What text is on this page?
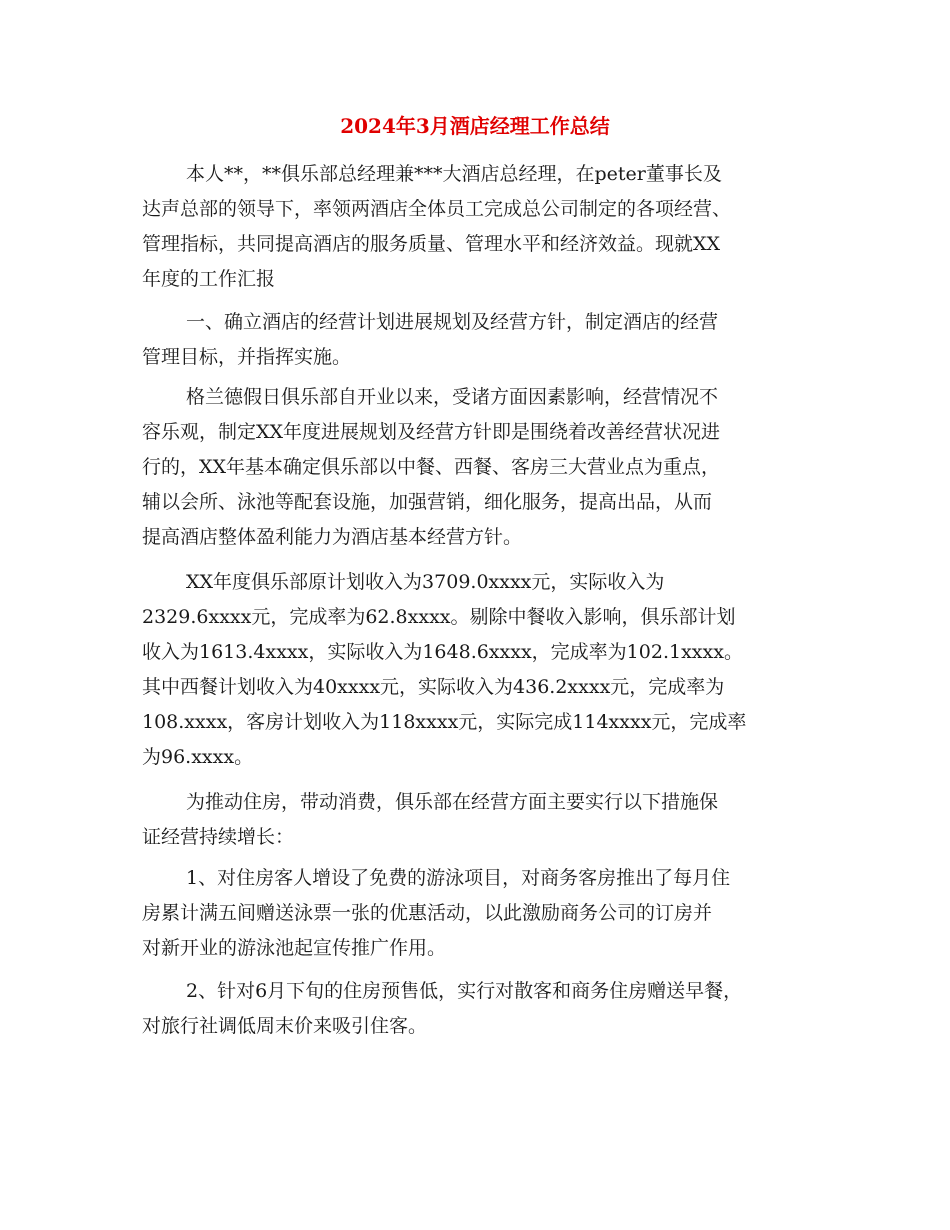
2024年3月酒店经理工作总结
本人**，**俱乐部总经理兼***大酒店总经理，在peter董事长及
达声总部的领导下，率领两酒店全体员工完成总公司制定的各项经营、
管理指标，共同提高酒店的服务质量、管理水平和经济效益。现就XX
年度的工作汇报
一、确立酒店的经营计划进展规划及经营方针，制定酒店的经营
管理目标，并指挥实施。
格兰德假日俱乐部自开业以来，受诸方面因素影响，经营情况不
容乐观，制定XX年度进展规划及经营方针即是围绕着改善经营状况进
行的，XX年基本确定俱乐部以中餐、西餐、客房三大营业点为重点，
辅以会所、泳池等配套设施，加强营销，细化服务，提高出品，从而
提高酒店整体盈利能力为酒店基本经营方针。
XX年度俱乐部原计划收入为3709.0xxxx元，实际收入为
2329.6xxxx元，完成率为62.8xxxx。剔除中餐收入影响，俱乐部计划
收入为1613.4xxxx，实际收入为1648.6xxxx，完成率为102.1xxxx。
其中西餐计划收入为40xxxx元，实际收入为436.2xxxx元，完成率为
108.xxxx，客房计划收入为118xxxx元，实际完成114xxxx元，完成率
为96.xxxx。
为推动住房，带动消费，俱乐部在经营方面主要实行以下措施保
证经营持续增长：
1、对住房客人增设了免费的游泳项目，对商务客房推出了每月住
房累计满五间赠送泳票一张的优惠活动，以此激励商务公司的订房并
对新开业的游泳池起宣传推广作用。
2、针对6月下旬的住房预售低，实行对散客和商务住房赠送早餐，
对旅行社调低周末价来吸引住客。
